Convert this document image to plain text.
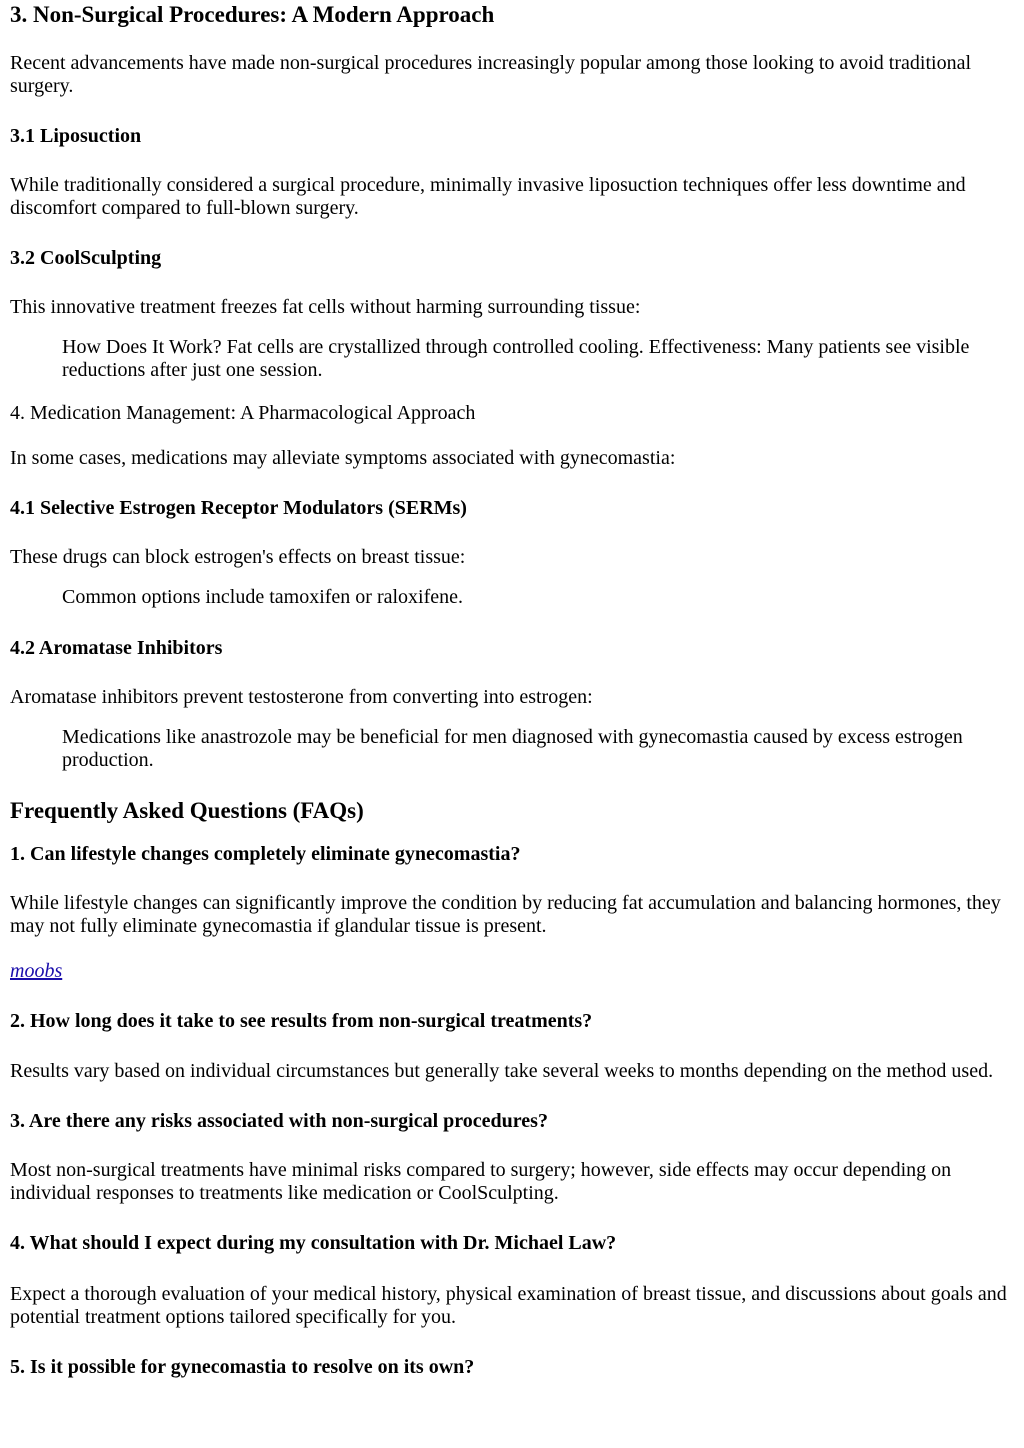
3. Non-Surgical Procedures: A Modern Approach

Recent advancements have made non-surgical procedures increasingly popular among those looking to avoid traditional surgery.

3.1 Liposuction

While traditionally considered a surgical procedure, minimally invasive liposuction techniques offer less downtime and discomfort compared to full-blown surgery.

3.2 CoolSculpting

This innovative treatment freezes fat cells without harming surrounding tissue:

How Does It Work? Fat cells are crystallized through controlled cooling. Effectiveness: Many patients see visible reductions after just one session.

4. Medication Management: A Pharmacological Approach

In some cases, medications may alleviate symptoms associated with gynecomastia:

4.1 Selective Estrogen Receptor Modulators (SERMs)

These drugs can block estrogen's effects on breast tissue:

Common options include tamoxifen or raloxifene.
4.2 Aromatase Inhibitors

Aromatase inhibitors prevent testosterone from converting into estrogen:

Medications like anastrozole may be beneficial for men diagnosed with gynecomastia caused by excess estrogen production.
Frequently Asked Questions (FAQs)
1. Can lifestyle changes completely eliminate gynecomastia?

While lifestyle changes can significantly improve the condition by reducing fat accumulation and balancing hormones, they may not fully eliminate gynecomastia if glandular tissue is present.

moobs

2. How long does it take to see results from non-surgical treatments?

Results vary based on individual circumstances but generally take several weeks to months depending on the method used.

3. Are there any risks associated with non-surgical procedures?

Most non-surgical treatments have minimal risks compared to surgery; however, side effects may occur depending on individual responses to treatments like medication or CoolSculpting.

4. What should I expect during my consultation with Dr. Michael Law?

Expect a thorough evaluation of your medical history, physical examination of breast tissue, and discussions about goals and potential treatment options tailored specifically for you.

5. Is it possible for gynecomastia to resolve on its own?
